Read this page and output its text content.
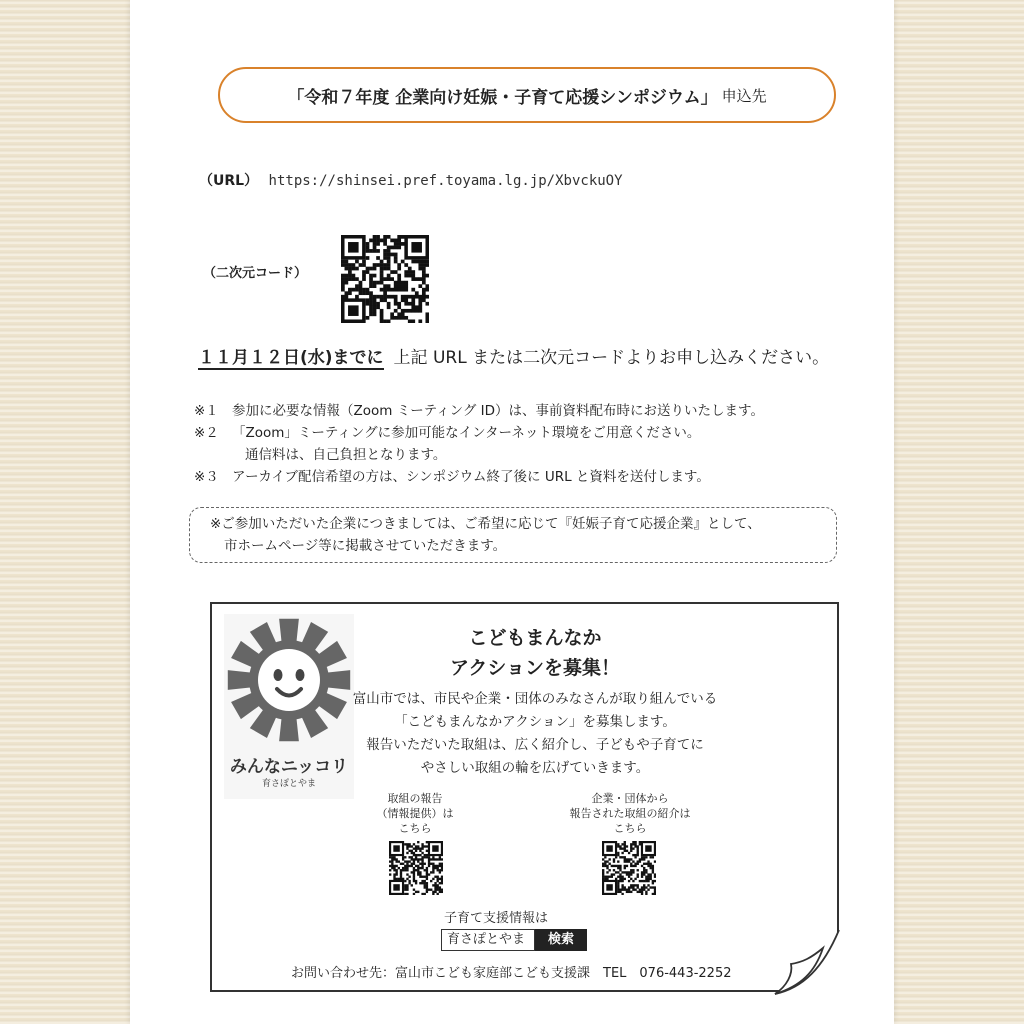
「令和７年度 企業向け妊娠・子育て応援シンポジウム」 申込先
（URL） https://shinsei.pref.toyama.lg.jp/XbvckuOY
（二次元コード）
１１月１２日(水)までに 上記 URL または二次元コードよりお申し込みください。
※１ 参加に必要な情報（Zoom ミーティング ID）は、事前資料配布時にお送りいたします。
※２ 「Zoom」ミーティングに参加可能なインターネット環境をご用意ください。
通信料は、自己負担となります。
※３ アーカイブ配信希望の方は、シンポジウム終了後に URL と資料を送付します。
※ご参加いただいた企業につきましては、ご希望に応じて『妊娠子育て応援企業』として、
市ホームページ等に掲載させていただきます。
みんなニッコリ
育さぽとやま
こどもまんなか
アクションを募集！
富山市では、市民や企業・団体のみなさんが取り組んでいる
「こどもまんなかアクション」を募集します。
報告いただいた取組は、広く紹介し、子どもや子育てに
やさしい取組の輪を広げていきます。
取組の報告
（情報提供）は
こちら
企業・団体から
報告された取組の紹介は
こちら
子育て支援情報は
育さぽとやま	検索
お問い合わせ先：富山市こども家庭部こども支援課　TEL　076-443-2252
